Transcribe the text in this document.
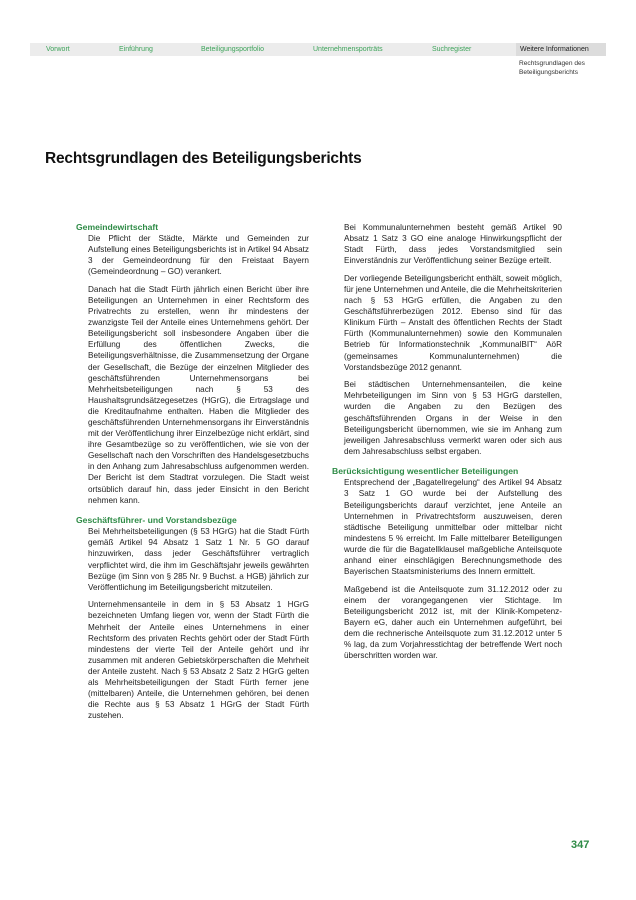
Vorwort	Einführung	Beteiligungsportfolio	Unternehmensporträts	Suchregister	Weitere Informationen
Rechtsgrundlagen des Beteiligungsberichts
Rechtsgrundlagen des Beteiligungsberichts
Gemeindewirtschaft

Die Pflicht der Städte, Märkte und Gemeinden zur Aufstellung eines Beteiligungsberichts ist in Artikel 94 Absatz 3 der Gemeindeordnung für den Freistaat Bayern (Gemeindeordnung – GO) verankert.

Danach hat die Stadt Fürth jährlich einen Bericht über ihre Beteiligungen an Unternehmen in einer Rechtsform des Privatrechts zu erstellen, wenn ihr mindestens der zwanzigste Teil der Anteile eines Unternehmens gehört. Der Beteiligungsbericht soll insbesondere Angaben über die Erfüllung des öffentlichen Zwecks, die Beteiligungsverhältnisse, die Zusammensetzung der Organe der Gesellschaft, die Bezüge der einzelnen Mitglieder des geschäftsführenden Unternehmensorgans bei Mehrheitsbeteiligungen nach § 53 des Haushaltsgrundsätzegesetzes (HGrG), die Ertragslage und die Kreditaufnahme enthalten. Haben die Mitglieder des geschäftsführenden Unternehmensorgans ihr Einverständnis mit der Veröffentlichung ihrer Einzelbezüge nicht erklärt, sind ihre Gesamtbezüge so zu veröffentlichen, wie sie von der Gesellschaft nach den Vorschriften des Handelsgesetzbuchs in den Anhang zum Jahresabschluss aufgenommen werden. Der Bericht ist dem Stadtrat vorzulegen. Die Stadt weist ortsüblich darauf hin, dass jeder Einsicht in den Bericht nehmen kann.

Geschäftsführer- und Vorstandsbezüge

Bei Mehrheitsbeteiligungen (§ 53 HGrG) hat die Stadt Fürth gemäß Artikel 94 Absatz 1 Satz 1 Nr. 5 GO darauf hinzuwirken, dass jeder Geschäftsführer vertraglich verpflichtet wird, die ihm im Geschäftsjahr jeweils gewährten Bezüge (im Sinn von § 285 Nr. 9 Buchst. a HGB) jährlich zur Veröffentlichung im Beteiligungsbericht mitzuteilen.

Unternehmensanteile in dem in § 53 Absatz 1 HGrG bezeichneten Umfang liegen vor, wenn der Stadt Fürth die Mehrheit der Anteile eines Unternehmens in einer Rechtsform des privaten Rechts gehört oder der Stadt Fürth mindestens der vierte Teil der Anteile gehört und ihr zusammen mit anderen Gebietskörperschaften die Mehrheit der Anteile zusteht. Nach § 53 Absatz 2 Satz 2 HGrG gelten als Mehrheitsbeteiligungen der Stadt Fürth ferner jene (mittelbaren) Anteile, die Unternehmen gehören, bei denen die Rechte aus § 53 Absatz 1 HGrG der Stadt Fürth zustehen.

Bei Kommunalunternehmen besteht gemäß Artikel 90 Absatz 1 Satz 3 GO eine analoge Hinwirkungspflicht der Stadt Fürth, dass jedes Vorstandsmitglied sein Einverständnis zur Veröffentlichung seiner Bezüge erteilt.

Der vorliegende Beteiligungsbericht enthält, soweit möglich, für jene Unternehmen und Anteile, die die Mehrheitskriterien nach § 53 HGrG erfüllen, die Angaben zu den Geschäftsführerbezügen 2012. Ebenso sind für das Klinikum Fürth – Anstalt des öffentlichen Rechts der Stadt Fürth (Kommunalunternehmen) sowie den Kommunalen Betrieb für Informationstechnik „KommunalBIT“ AöR (gemeinsames Kommunalunternehmen) die Vorstandsbezüge 2012 genannt.

Bei städtischen Unternehmensanteilen, die keine Mehrbeteiligungen im Sinn von § 53 HGrG darstellen, wurden die Angaben zu den Bezügen des geschäftsführenden Organs in der Weise in den Beteiligungsbericht übernommen, wie sie im Anhang zum jeweiligen Jahresabschluss vermerkt waren oder sich aus dem Jahresabschluss selbst ergaben.

Berücksichtigung wesentlicher Beteiligungen

Entsprechend der „Bagatellregelung“ des Artikel 94 Absatz 3 Satz 1 GO wurde bei der Aufstellung des Beteiligungsberichts darauf verzichtet, jene Anteile an Unternehmen in Privatrechtsform auszuweisen, deren städtische Beteiligung unmittelbar oder mittelbar nicht mindestens 5 % erreicht. Im Falle mittelbarer Beteiligungen wurde die für die Bagatellklausel maßgebliche Anteilsquote anhand einer einschlägigen Berechnungsmethode des Bayerischen Staatsministeriums des Innern ermittelt.

Maßgebend ist die Anteilsquote zum 31.12.2012 oder zu einem der vorangegangenen vier Stichtage. Im Beteiligungsbericht 2012 ist, mit der Klinik-Kompetenz-Bayern eG, daher auch ein Unternehmen aufgeführt, bei dem die rechnerische Anteilsquote zum 31.12.2012 unter 5 % lag, da zum Vorjahresstichtag der betreffende Wert noch überschritten worden war.

347
